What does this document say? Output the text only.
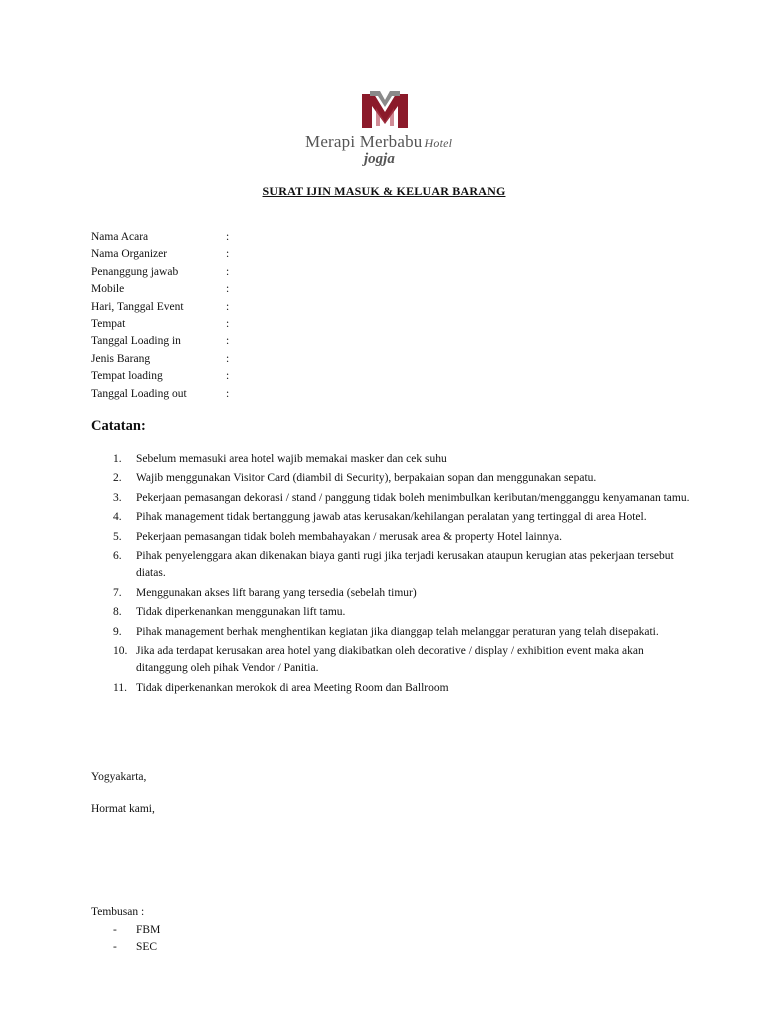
Merapi Merbabu Hotel
jogja
SURAT IJIN MASUK & KELUAR BARANG
Nama Acara	:
Nama Organizer	:
Penanggung jawab	:
Mobile	:
Hari, Tanggal Event	:
Tempat	:
Tanggal Loading in	:
Jenis Barang	:
Tempat loading	:
Tanggal Loading out	:
Catatan:
1. Sebelum memasuki area hotel wajib memakai masker dan cek suhu
2. Wajib menggunakan Visitor Card (diambil di Security), berpakaian sopan dan menggunakan sepatu.
3. Pekerjaan pemasangan dekorasi / stand / panggung tidak boleh menimbulkan keributan/mengganggu kenyamanan tamu.
4. Pihak management tidak bertanggung jawab atas kerusakan/kehilangan peralatan yang tertinggal di area Hotel.
5. Pekerjaan pemasangan tidak boleh membahayakan / merusak area & property Hotel lainnya.
6. Pihak penyelenggara akan dikenakan biaya ganti rugi jika terjadi kerusakan ataupun kerugian atas pekerjaan tersebut diatas.
7. Menggunakan akses lift barang yang tersedia (sebelah timur)
8. Tidak diperkenankan menggunakan lift tamu.
9. Pihak management berhak menghentikan kegiatan jika dianggap telah melanggar peraturan yang telah disepakati.
10. Jika ada terdapat kerusakan area hotel yang diakibatkan oleh decorative / display / exhibition event maka akan ditanggung oleh pihak Vendor / Panitia.
11. Tidak diperkenankan merokok di area Meeting Room dan Ballroom
Yogyakarta,
Hormat kami,
Tembusan :
- FBM
- SEC
